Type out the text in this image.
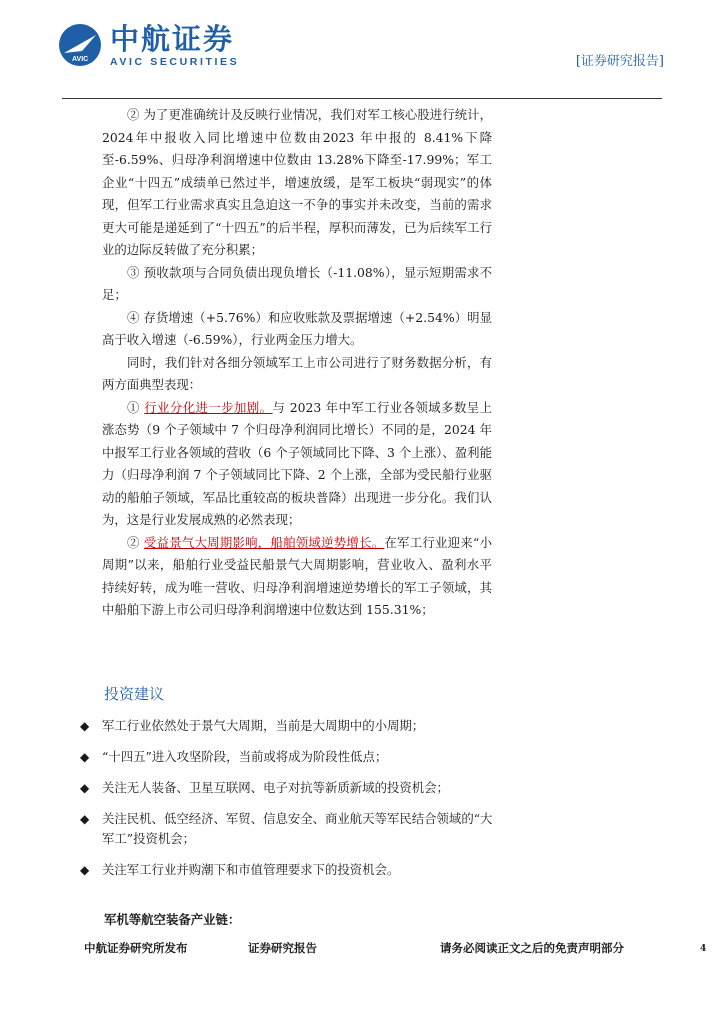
AVIC
中航证券
AVIC SECURITIES	[证券研究报告]

② 为了更准确统计及反映行业情况，我们对军工核心股进行统计，2024年中报收入同比增速中位数由2023 年中报的 8.41%下降至-6.59%、归母净利润增速中位数由 13.28%下降至-17.99%；军工企业“十四五”成绩单已然过半，增速放缓，是军工板块“弱现实”的体现，但军工行业需求真实且急迫这一不争的事实并未改变，当前的需求更大可能是递延到了“十四五”的后半程，厚积而薄发，已为后续军工行业的边际反转做了充分积累；

③ 预收款项与合同负债出现负增长（-11.08%），显示短期需求不足；

④ 存货增速（+5.76%）和应收账款及票据增速（+2.54%）明显高于收入增速（-6.59%），行业两金压力增大。

同时，我们针对各细分领域军工上市公司进行了财务数据分析，有两方面典型表现：

① 行业分化进一步加剧。与 2023 年中军工行业各领域多数呈上涨态势（9 个子领域中 7 个归母净利润同比增长）不同的是，2024 年中报军工行业各领域的营收（6 个子领域同比下降、3 个上涨）、盈利能力（归母净利润 7 个子领域同比下降、2 个上涨，全部为受民船行业驱动的船舶子领域，军品比重较高的板块普降）出现进一步分化。我们认为，这是行业发展成熟的必然表现；

② 受益景气大周期影响，船舶领域逆势增长。在军工行业迎来“小周期”以来，船舶行业受益民船景气大周期影响，营业收入、盈利水平持续好转，成为唯一营收、归母净利润增速逆势增长的军工子领域，其中船舶下游上市公司归母净利润增速中位数达到 155.31%；

投资建议
◆ 军工行业依然处于景气大周期，当前是大周期中的小周期；
◆ “十四五”进入攻坚阶段，当前或将成为阶段性低点；
◆ 关注无人装备、卫星互联网、电子对抗等新质新域的投资机会；
◆ 关注民机、低空经济、军贸、信息安全、商业航天等军民结合领域的“大军工”投资机会；
◆ 关注军工行业并购潮下和市值管理要求下的投资机会。
军机等航空装备产业链：
中航证券研究所发布	证券研究报告	请务必阅读正文之后的免责声明部分	4
